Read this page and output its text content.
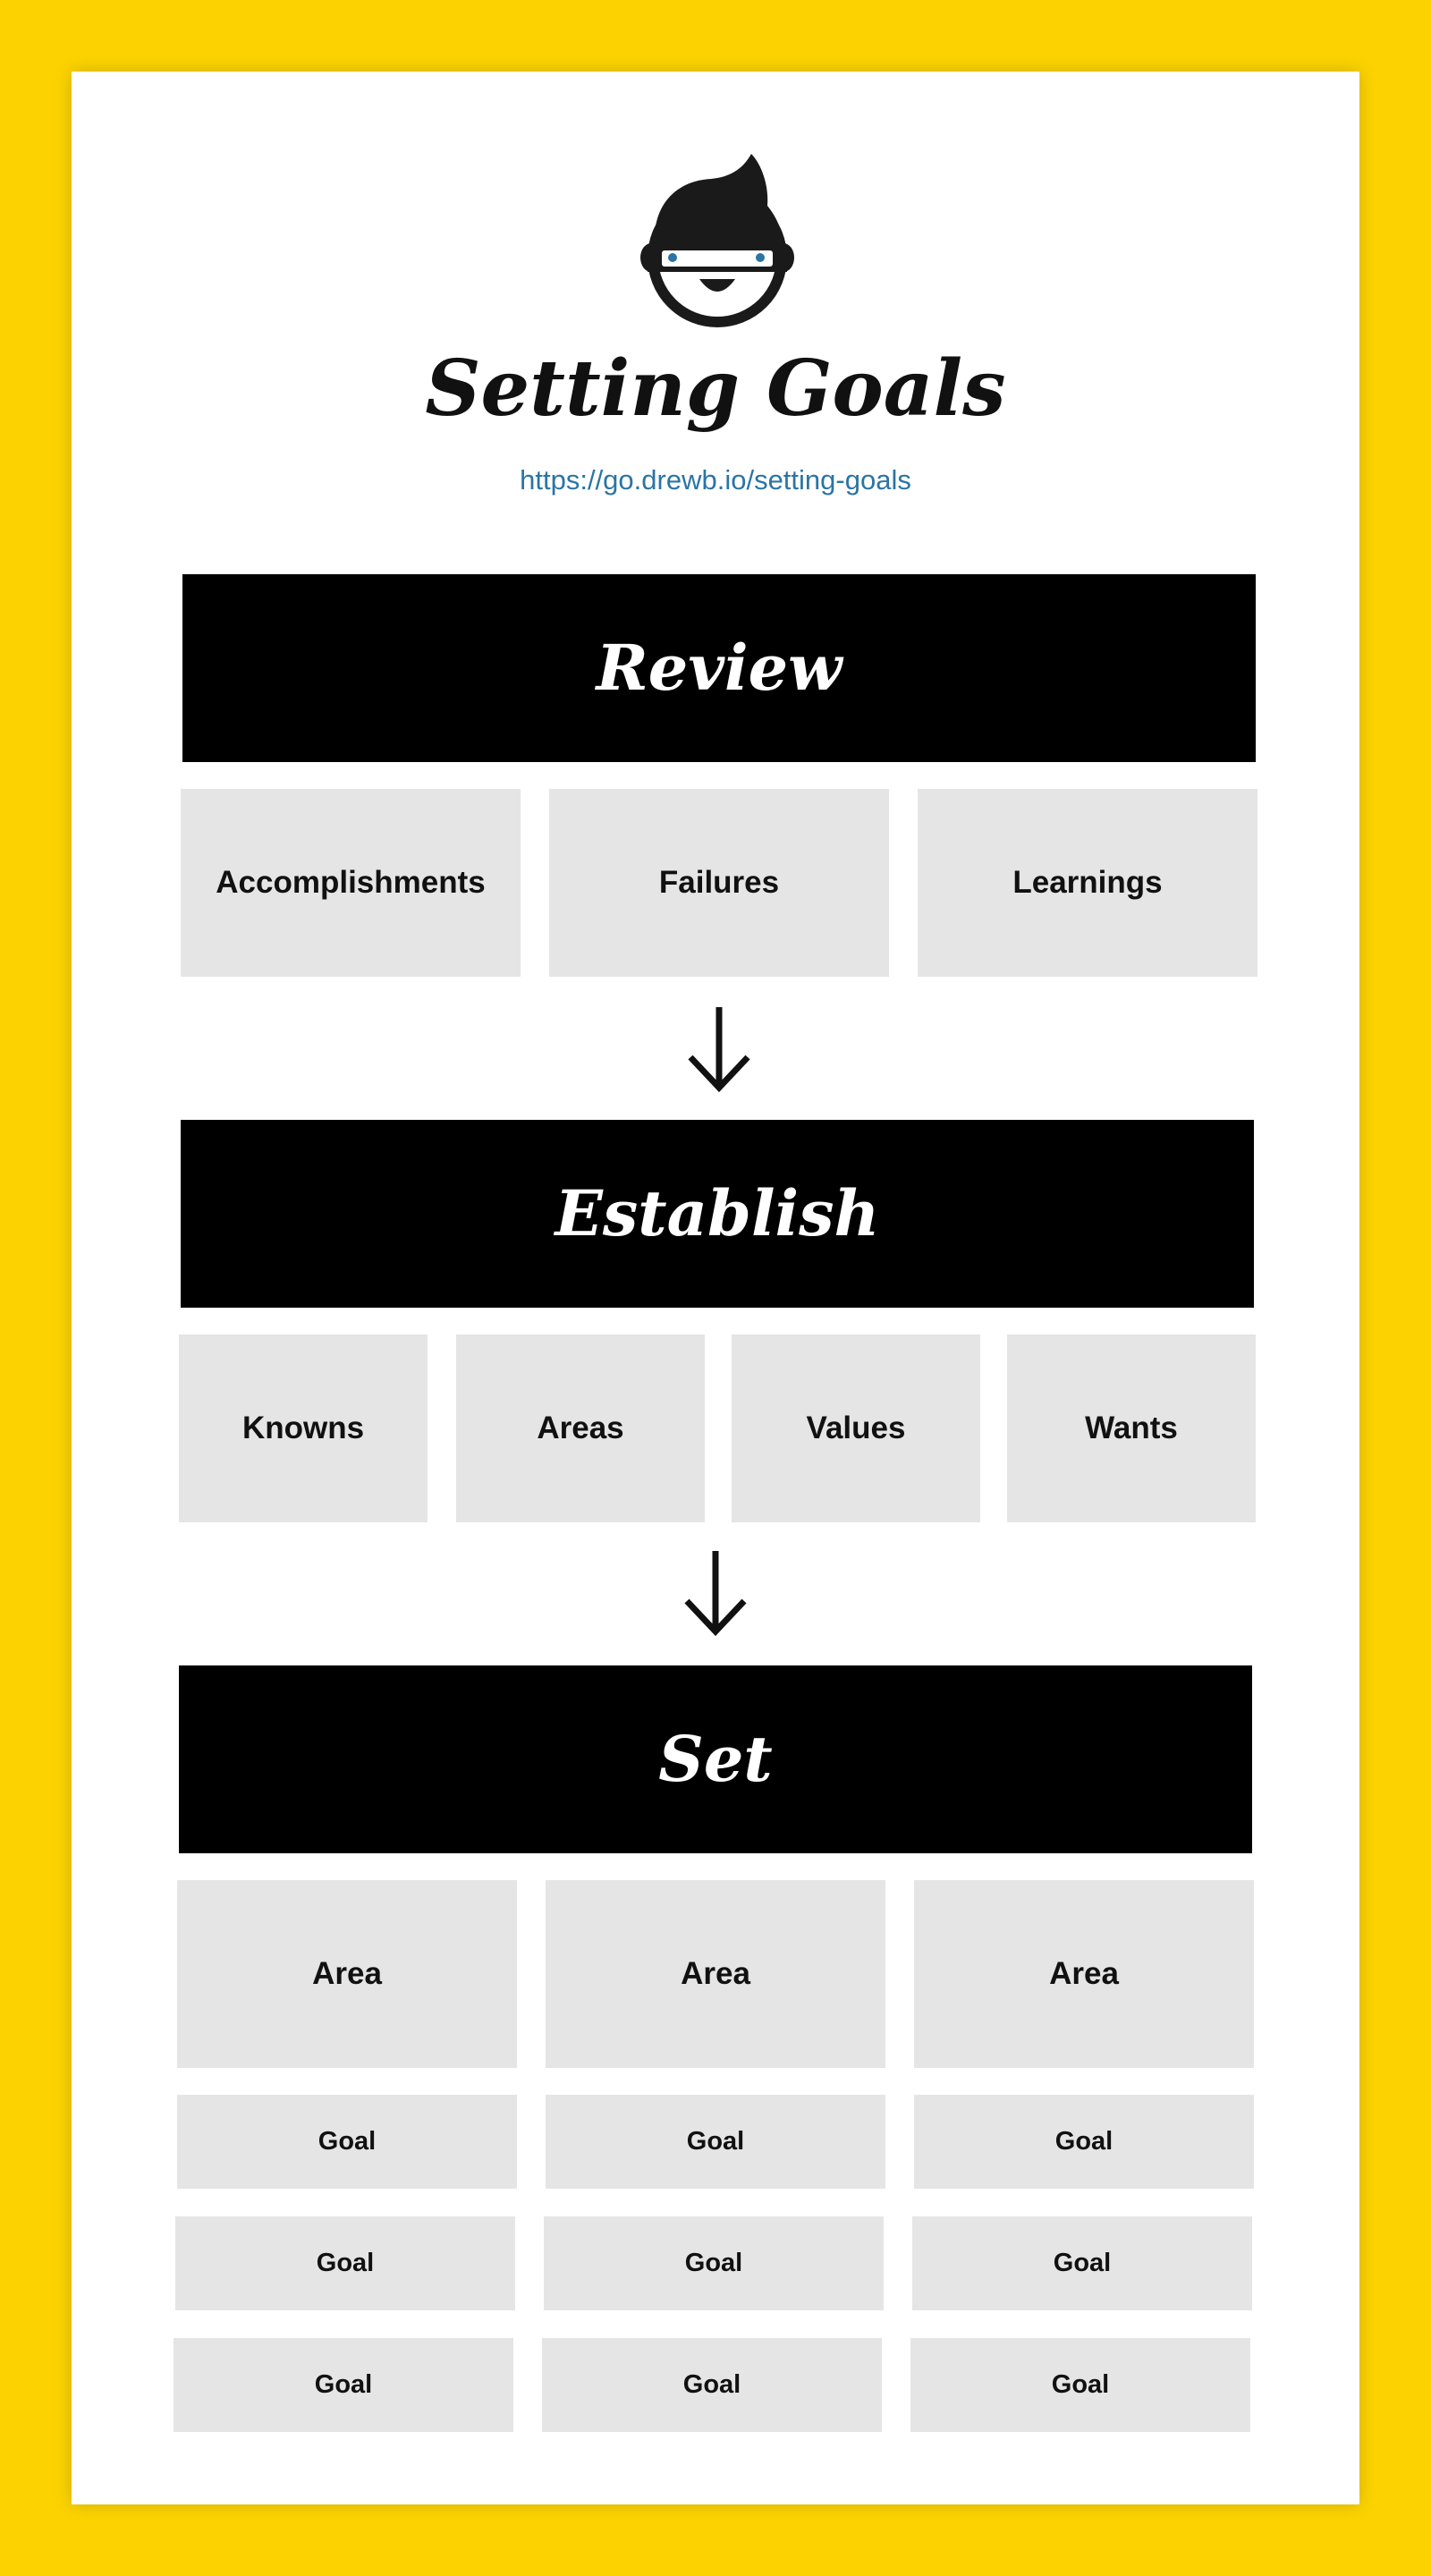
Setting Goals
https://go.drewb.io/setting-goals
Review
Accomplishments	Failures	Learnings
Establish
Knowns	Areas	Values	Wants
Set
Area	Area	Area
Goal	Goal	Goal
Goal	Goal	Goal
Goal	Goal	Goal
